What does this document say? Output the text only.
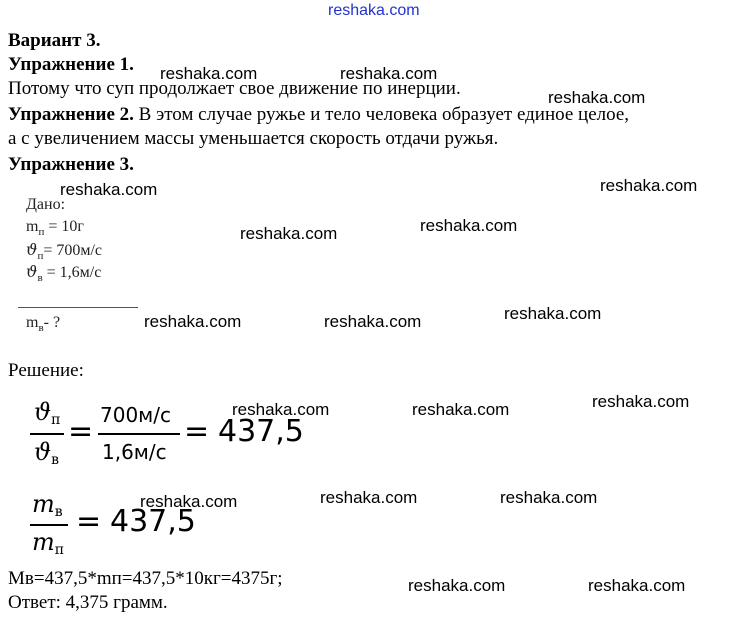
reshaka.com
Вариант 3.
Упражнение 1.
Потому что суп продолжает свое движение по инерции.
Упражнение 2. В этом случае ружье и тело человека образует единое целое,
а с увеличением массы уменьшается скорость отдачи ружья.
Упражнение 3.
Дано:
$m_п = 10г$
$ϑ_п= 700м/с$
$ϑ_в = 1,6м/с$
$m_в-$ ?
Решение:
ϑп
ϑв
= 700м/с
1,6м/с
= 437,5
mв
mп
= 437,5
Mв=437,5*mп=437,5*10кг=4375г;
Ответ: 4,375 грамм.
reshaka.com	reshaka.com
reshaka.com
reshaka.com	reshaka.com
reshaka.com	reshaka.com
reshaka.com	reshaka.com	reshaka.com
reshaka.com	reshaka.com	reshaka.com
reshaka.com	reshaka.com	reshaka.com
reshaka.com	reshaka.com
